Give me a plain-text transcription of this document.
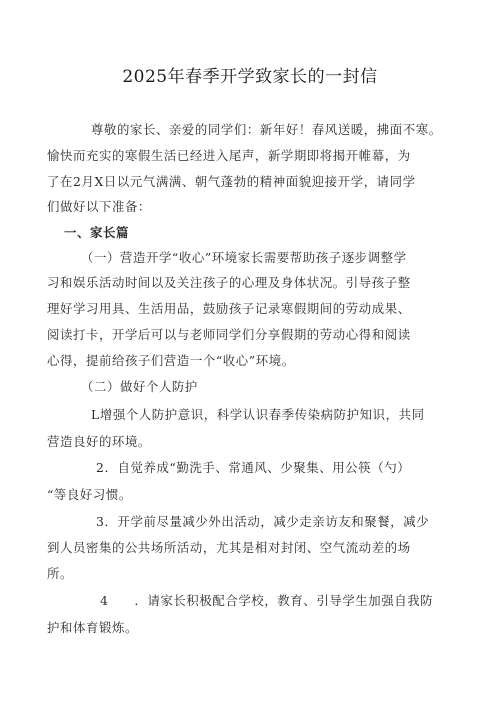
2025年春季开学致家长的一封信
尊敬的家长、亲爱的同学们：新年好！春风送暖，拂面不寒。
愉快而充实的寒假生活已经进入尾声，新学期即将揭开帷幕，为
了在2月X日以元气满满、朝气蓬勃的精神面貌迎接开学，请同学
们做好以下准备：
一、家长篇
（一）营造开学“收心”环境家长需要帮助孩子逐步调整学
习和娱乐活动时间以及关注孩子的心理及身体状况。引导孩子整
理好学习用具、生活用品，鼓励孩子记录寒假期间的劳动成果、
阅读打卡，开学后可以与老师同学们分享假期的劳动心得和阅读
心得，提前给孩子们营造一个“收心”环境。
（二）做好个人防护
L增强个人防护意识，科学认识春季传染病防护知识，共同
营造良好的环境。
2．自觉养成“勤洗手、常通风、少聚集、用公筷（勺）
“等良好习惯。
3．开学前尽量减少外出活动，减少走亲访友和聚餐，减少
到人员密集的公共场所活动，尤其是相对封闭、空气流动差的场
所。
4　　．请家长积极配合学校，教育、引导学生加强自我防
护和体育锻炼。
